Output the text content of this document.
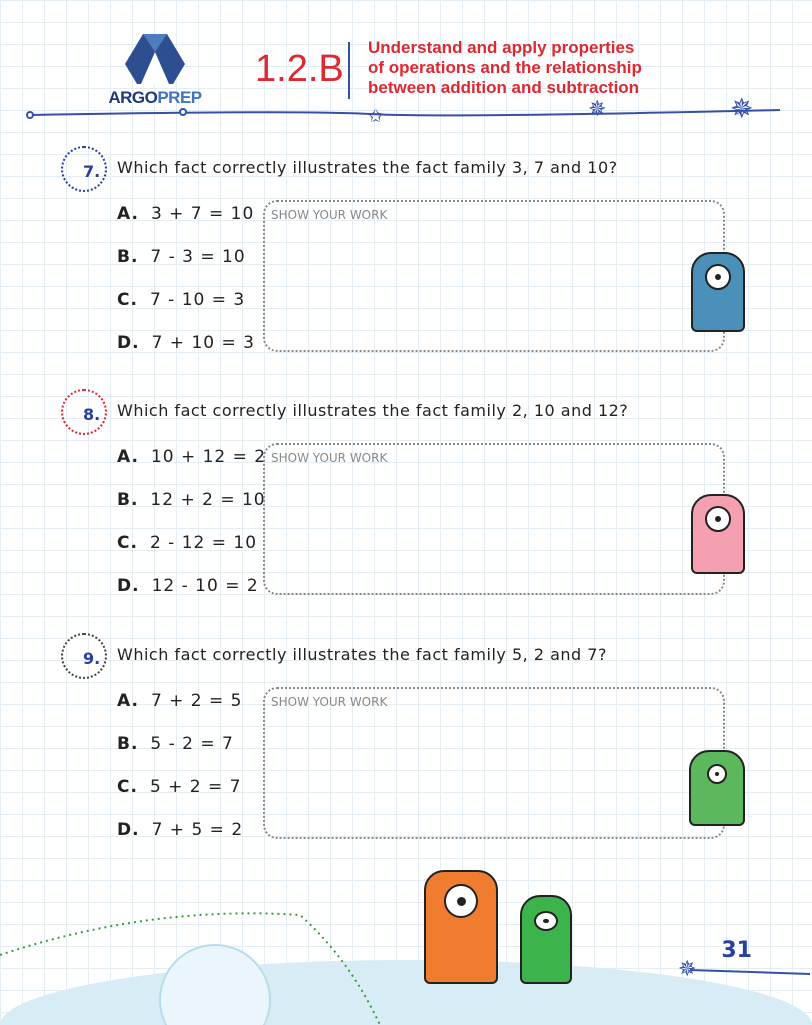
ARGOPREP
1.2.B
Understand and apply properties
of operations and the relationship
between addition and subtraction
✩	✵	✵
7. Which fact correctly illustrates the fact family 3, 7 and 10?
A. 3 + 7 = 10
B. 7 - 3 = 10
C. 7 - 10 = 3
D. 7 + 10 = 3
SHOW YOUR WORK
8. Which fact correctly illustrates the fact family 2, 10 and 12?
A. 10 + 12 = 2
B. 12 + 2 = 10
C. 2 - 12 = 10
D. 12 - 10 = 2
SHOW YOUR WORK
9. Which fact correctly illustrates the fact family 5, 2 and 7?
A. 7 + 2 = 5
B. 5 - 2 = 7
C. 5 + 2 = 7
D. 7 + 5 = 2
SHOW YOUR WORK
✵
31
